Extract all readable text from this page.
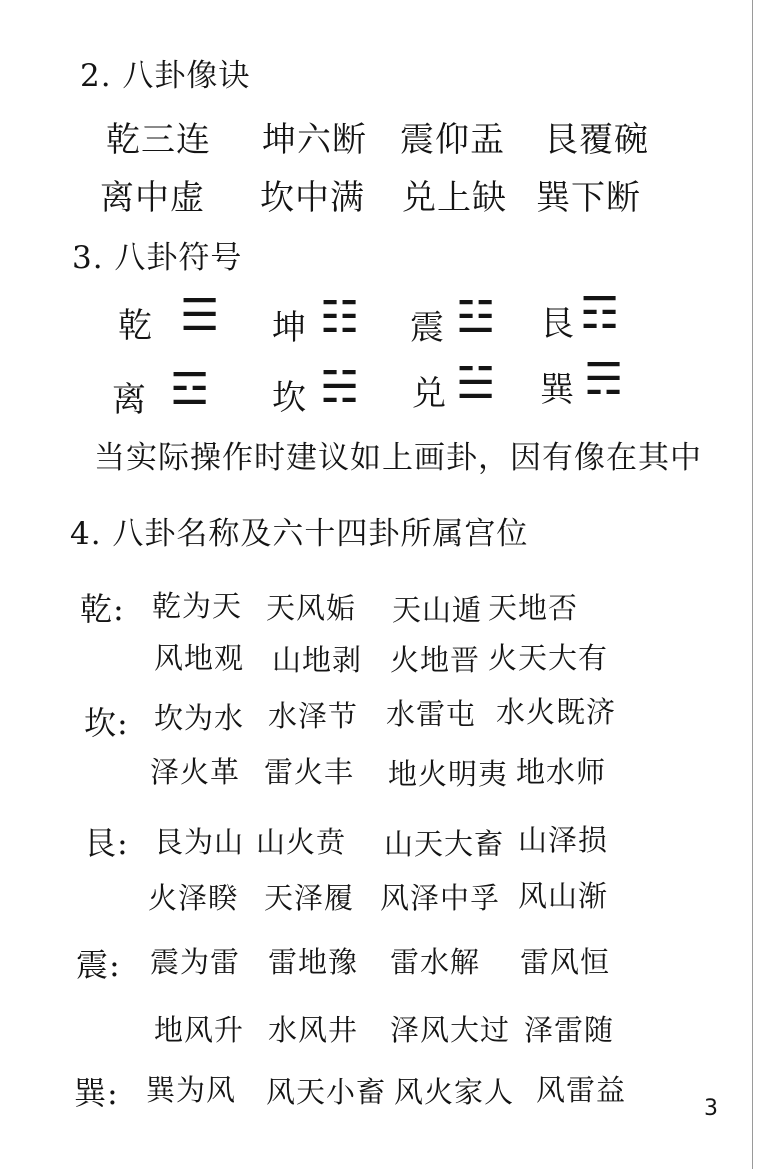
2. 八卦像诀
乾三连 坤六断 震仰盂 艮覆碗
离中虚 坎中满 兑上缺 巽下断
3. 八卦符号
乾 ☰ 坤 ☷ 震 ☳ 艮 ☶
离 ☲ 坎 ☵ 兑 ☱ 巽 ☴
当实际操作时建议如上画卦，因有像在其中
4. 八卦名称及六十四卦所属宫位
乾: 乾为天 天风姤 天山遁 天地否
风地观 山地剥 火地晋 火天大有
坎: 坎为水 水泽节 水雷屯 水火既济
泽火革 雷火丰 地火明夷 地水师
艮: 艮为山 山火贲 山天大畜 山泽损
火泽睽 天泽履 风泽中孚 风山渐
震: 震为雷 雷地豫 雷水解 雷风恒
地风升 水风井 泽风大过 泽雷随
巽: 巽为风 风天小畜 风火家人 风雷益
3
